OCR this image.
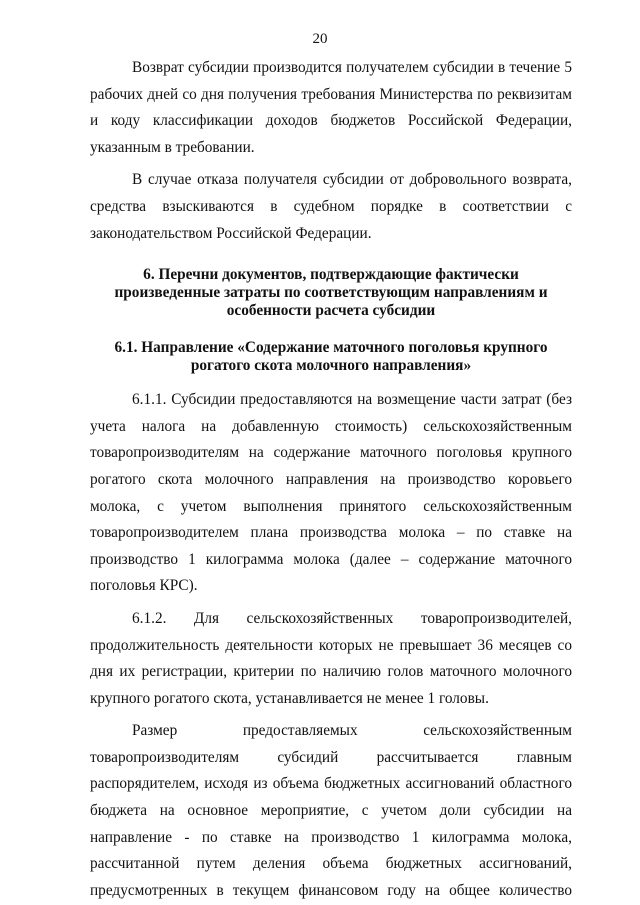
20

Возврат субсидии производится получателем субсидии в течение 5 рабочих дней со дня получения требования Министерства по реквизитам и коду классификации доходов бюджетов Российской Федерации, указанным в требовании.

В случае отказа получателя субсидии от добровольного возврата, средства взыскиваются в судебном порядке в соответствии с законодательством Российской Федерации.

6. Перечни документов, подтверждающие фактически произведенные затраты по соответствующим направлениям и особенности расчета субсидии
6.1. Направление «Содержание маточного поголовья крупного рогатого скота молочного направления»

6.1.1. Субсидии предоставляются на возмещение части затрат (без учета налога на добавленную стоимость) сельскохозяйственным товаропроизводителям на содержание маточного поголовья крупного рогатого скота молочного направления на производство коровьего молока, с учетом выполнения принятого сельскохозяйственным товаропроизводителем плана производства молока – по ставке на производство 1 килограмма молока (далее – содержание маточного поголовья КРС).

6.1.2. Для сельскохозяйственных товаропроизводителей, продолжительность деятельности которых не превышает 36 месяцев со дня их регистрации, критерии по наличию голов маточного молочного крупного рогатого скота, устанавливается не менее 1 головы.

Размер предоставляемых сельскохозяйственным товаропроизводителям субсидий рассчитывается главным распорядителем, исходя из объема бюджетных ассигнований областного бюджета на основное мероприятие, с учетом доли субсидии на направление - по ставке на производство 1 килограмма молока, рассчитанной путем деления объема бюджетных ассигнований, предусмотренных в текущем финансовом году на общее количество
